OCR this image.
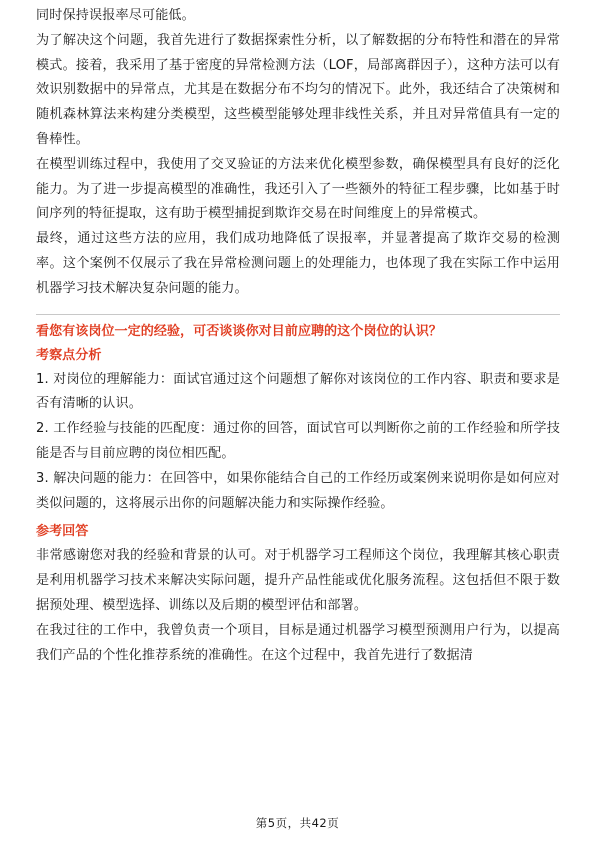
同时保持误报率尽可能低。

为了解决这个问题，我首先进行了数据探索性分析，以了解数据的分布特性和潜在的异常模式。接着，我采用了基于密度的异常检测方法（LOF，局部离群因子），这种方法可以有效识别数据中的异常点，尤其是在数据分布不均匀的情况下。此外，我还结合了决策树和随机森林算法来构建分类模型，这些模型能够处理非线性关系，并且对异常值具有一定的鲁棒性。

在模型训练过程中，我使用了交叉验证的方法来优化模型参数，确保模型具有良好的泛化能力。为了进一步提高模型的准确性，我还引入了一些额外的特征工程步骤，比如基于时间序列的特征提取，这有助于模型捕捉到欺诈交易在时间维度上的异常模式。

最终，通过这些方法的应用，我们成功地降低了误报率，并显著提高了欺诈交易的检测率。这个案例不仅展示了我在异常检测问题上的处理能力，也体现了我在实际工作中运用机器学习技术解决复杂问题的能力。

看您有该岗位一定的经验，可否谈谈你对目前应聘的这个岗位的认识？

考察点分析

1. 对岗位的理解能力：面试官通过这个问题想了解你对该岗位的工作内容、职责和要求是否有清晰的认识。

2. 工作经验与技能的匹配度：通过你的回答，面试官可以判断你之前的工作经验和所学技能是否与目前应聘的岗位相匹配。

3. 解决问题的能力：在回答中，如果你能结合自己的工作经历或案例来说明你是如何应对类似问题的，这将展示出你的问题解决能力和实际操作经验。

参考回答

非常感谢您对我的经验和背景的认可。对于机器学习工程师这个岗位，我理解其核心职责是利用机器学习技术来解决实际问题，提升产品性能或优化服务流程。这包括但不限于数据预处理、模型选择、训练以及后期的模型评估和部署。

在我过往的工作中，我曾负责一个项目，目标是通过机器学习模型预测用户行为，以提高我们产品的个性化推荐系统的准确性。在这个过程中，我首先进行了数据清

第5页，共42页
